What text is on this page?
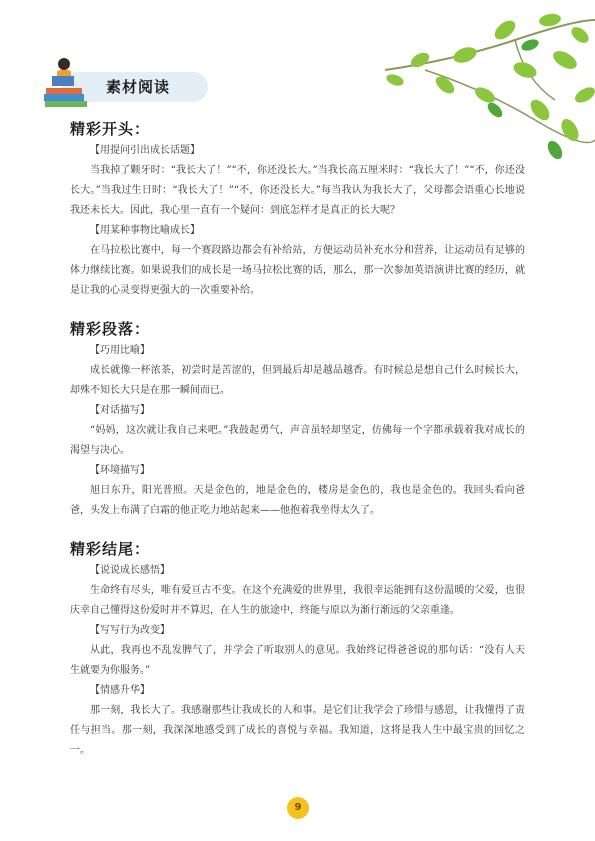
素材阅读

精彩开头：

【用提问引出成长话题】

当我掉了颗牙时：“我长大了！”“不，你还没长大。”当我长高五厘米时：“我长大了！”“不，你还没长大。”当我过生日时：“我长大了！”“不，你还没长大。”每当我认为我长大了，父母都会语重心长地说我还未长大。因此，我心里一直有一个疑问：到底怎样才是真正的长大呢？

【用某种事物比喻成长】

在马拉松比赛中，每一个赛段路边都会有补给站，方便运动员补充水分和营养，让运动员有足够的体力继续比赛。如果说我们的成长是一场马拉松比赛的话，那么，那一次参加英语演讲比赛的经历，就是让我的心灵变得更强大的一次重要补给。

精彩段落：

【巧用比喻】

成长就像一杯浓茶，初尝时是苦涩的，但到最后却是越品越香。有时候总是想自己什么时候长大，却殊不知长大只是在那一瞬间而已。

【对话描写】

“妈妈，这次就让我自己来吧。”我鼓起勇气，声音虽轻却坚定，仿佛每一个字都承载着我对成长的渴望与决心。

【环境描写】

旭日东升，阳光普照。天是金色的，地是金色的，楼房是金色的，我也是金色的。我回头看向爸爸，头发上布满了白霜的他正吃力地站起来——他抱着我坐得太久了。

精彩结尾：

【说说成长感悟】

生命终有尽头，唯有爱亘古不变。在这个充满爱的世界里，我很幸运能拥有这份温暖的父爱，也很庆幸自己懂得这份爱时并不算迟，在人生的旅途中，终能与原以为渐行渐远的父亲重逢。

【写写行为改变】

从此，我再也不乱发脾气了，并学会了听取别人的意见。我始终记得爸爸说的那句话：“没有人天生就要为你服务。”

【情感升华】

那一刻，我长大了。我感谢那些让我成长的人和事。是它们让我学会了珍惜与感恩，让我懂得了责任与担当。那一刻，我深深地感受到了成长的喜悦与幸福。我知道，这将是我人生中最宝贵的回忆之一。

9
